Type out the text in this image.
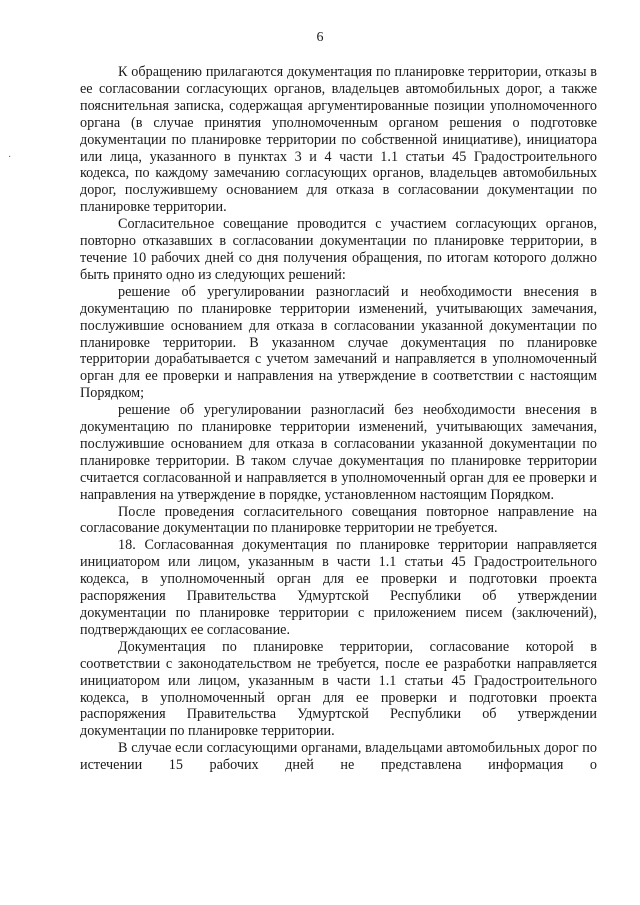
6
·

К обращению прилагаются документация по планировке территории, отказы в ее согласовании согласующих органов, владельцев автомобильных дорог, а также пояснительная записка, содержащая аргументированные позиции уполномоченного органа (в случае принятия уполномоченным органом решения о подготовке документации по планировке территории по собственной инициативе), инициатора или лица, указанного в пунктах 3 и 4 части 1.1 статьи 45 Градостроительного кодекса, по каждому замечанию согласующих органов, владельцев автомобильных дорог, послужившему основанием для отказа в согласовании документации по планировке территории.

Согласительное совещание проводится с участием согласующих органов, повторно отказавших в согласовании документации по планировке территории, в течение 10 рабочих дней со дня получения обращения, по итогам которого должно быть принято одно из следующих решений:

решение об урегулировании разногласий и необходимости внесения в документацию по планировке территории изменений, учитывающих замечания, послужившие основанием для отказа в согласовании указанной документации по планировке территории. В указанном случае документация по планировке территории дорабатывается с учетом замечаний и направляется в уполномоченный орган для ее проверки и направления на утверждение в соответствии с настоящим Порядком;

решение об урегулировании разногласий без необходимости внесения в документацию по планировке территории изменений, учитывающих замечания, послужившие основанием для отказа в согласовании указанной документации по планировке территории. В таком случае документация по планировке территории считается согласованной и направляется в уполномоченный орган для ее проверки и направления на утверждение в порядке, установленном настоящим Порядком.

После проведения согласительного совещания повторное направление на согласование документации по планировке территории не требуется.

18. Согласованная документация по планировке территории направляется инициатором или лицом, указанным в части 1.1 статьи 45 Градостроительного кодекса, в уполномоченный орган для ее проверки и подготовки проекта распоряжения Правительства Удмуртской Республики об утверждении документации по планировке территории с приложением писем (заключений), подтверждающих ее согласование.

Документация по планировке территории, согласование которой в соответствии с законодательством не требуется, после ее разработки направляется инициатором или лицом, указанным в части 1.1 статьи 45 Градостроительного кодекса, в уполномоченный орган для ее проверки и подготовки проекта распоряжения Правительства Удмуртской Республики об утверждении документации по планировке территории.

В случае если согласующими органами, владельцами автомобильных дорог по истечении 15 рабочих дней не представлена информация о
